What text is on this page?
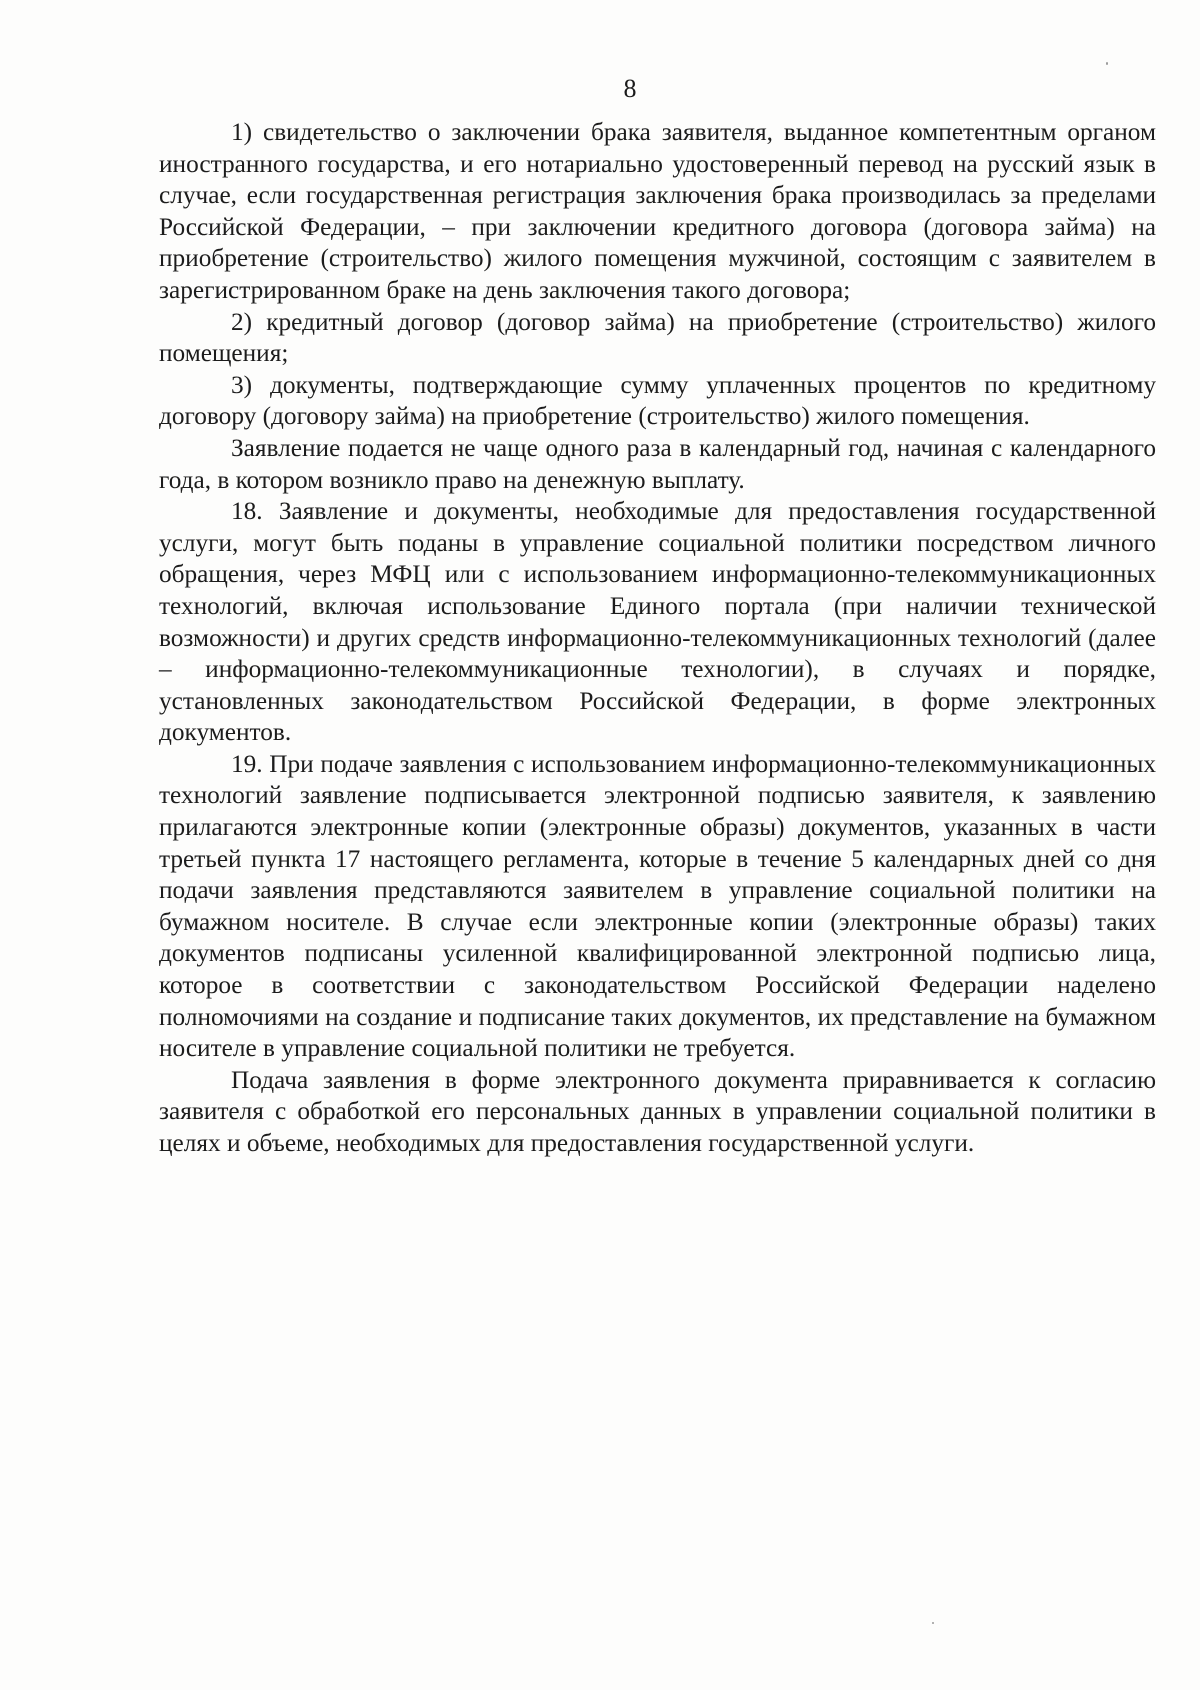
8

1) свидетельство о заключении брака заявителя, выданное компетентным органом иностранного государства, и его нотариально удостоверенный перевод на русский язык в случае, если государственная регистрация заключения брака производилась за пределами Российской Федерации, – при заключении кредитного договора (договора займа) на приобретение (строительство) жилого помещения мужчиной, состоящим с заявителем в зарегистрированном браке на день заключения такого договора;

2) кредитный договор (договор займа) на приобретение (строительство) жилого помещения;

3) документы, подтверждающие сумму уплаченных процентов по кредитному договору (договору займа) на приобретение (строительство) жилого помещения.

Заявление подается не чаще одного раза в календарный год, начиная с календарного года, в котором возникло право на денежную выплату.

18. Заявление и документы, необходимые для предоставления государственной услуги, могут быть поданы в управление социальной политики посредством личного обращения, через МФЦ или с использованием информационно-телекоммуникационных технологий, включая использование Единого портала (при наличии технической возможности) и других средств информационно-телекоммуникационных технологий (далее – информационно-телекоммуникационные технологии), в случаях и порядке, установленных законодательством Российской Федерации, в форме электронных документов.

19. При подаче заявления с использованием информационно-телекоммуникационных технологий заявление подписывается электронной подписью заявителя, к заявлению прилагаются электронные копии (электронные образы) документов, указанных в части третьей пункта 17 настоящего регламента, которые в течение 5 календарных дней со дня подачи заявления представляются заявителем в управление социальной политики на бумажном носителе. В случае если электронные копии (электронные образы) таких документов подписаны усиленной квалифицированной электронной подписью лица, которое в соответствии с законодательством Российской Федерации наделено полномочиями на создание и подписание таких документов, их представление на бумажном носителе в управление социальной политики не требуется.

Подача заявления в форме электронного документа приравнивается к согласию заявителя с обработкой его персональных данных в управлении социальной политики в целях и объеме, необходимых для предоставления государственной услуги.
